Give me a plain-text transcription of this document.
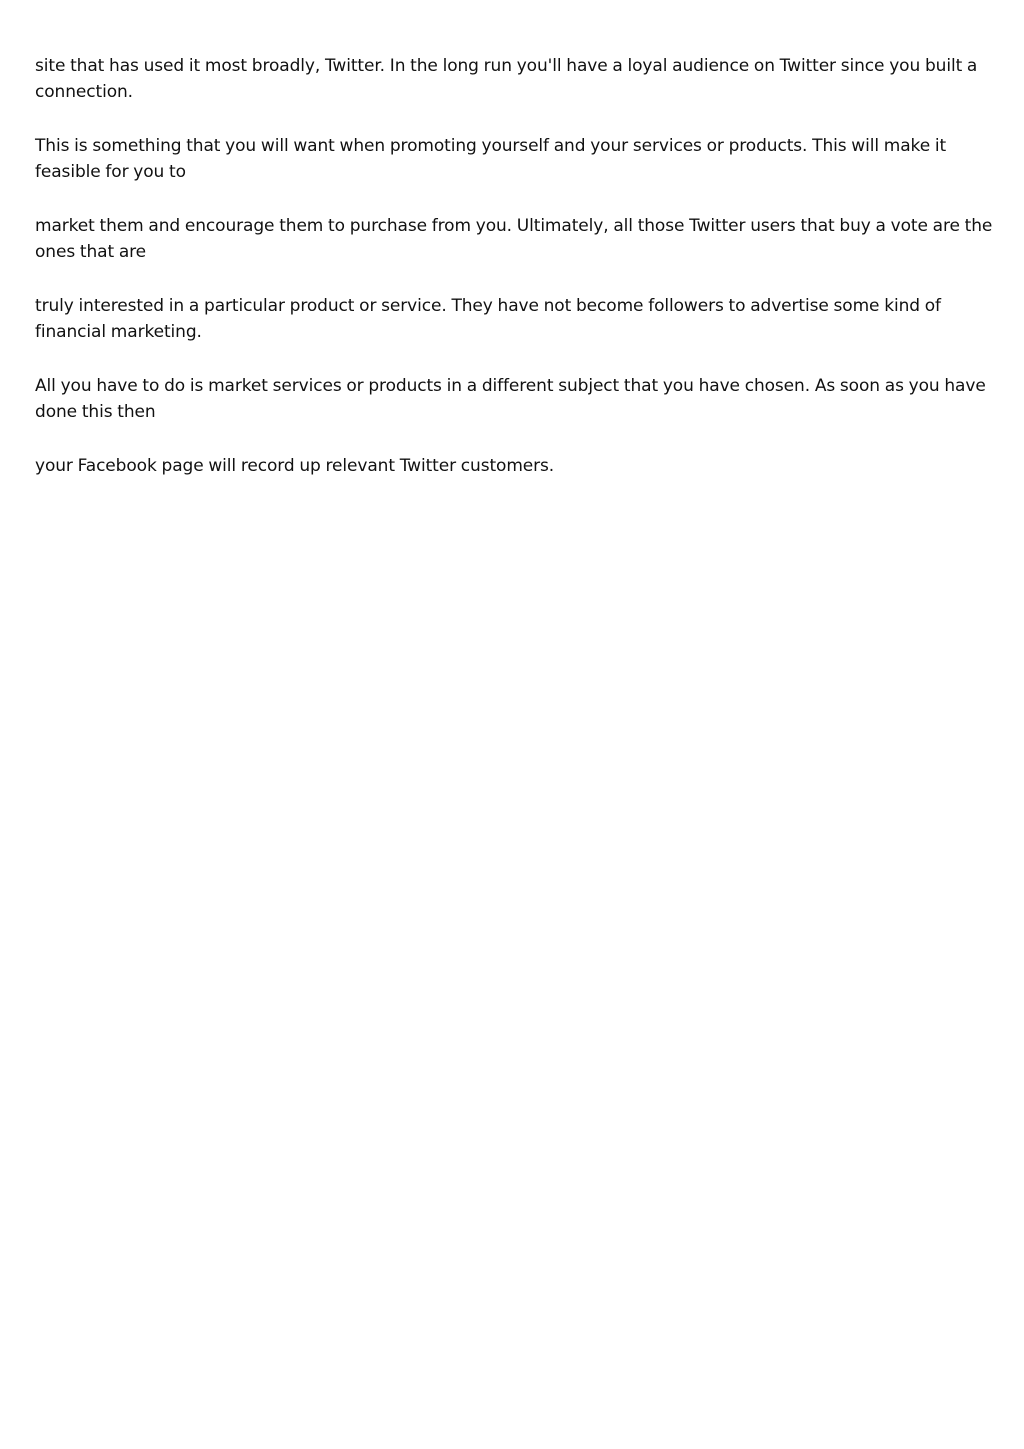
site that has used it most broadly, Twitter. In the long run you'll have a loyal audience on Twitter since you built a connection.

This is something that you will want when promoting yourself and your services or products. This will make it feasible for you to

market them and encourage them to purchase from you. Ultimately, all those Twitter users that buy a vote are the ones that are

truly interested in a particular product or service. They have not become followers to advertise some kind of financial marketing.

All you have to do is market services or products in a different subject that you have chosen. As soon as you have done this then

your Facebook page will record up relevant Twitter customers.
